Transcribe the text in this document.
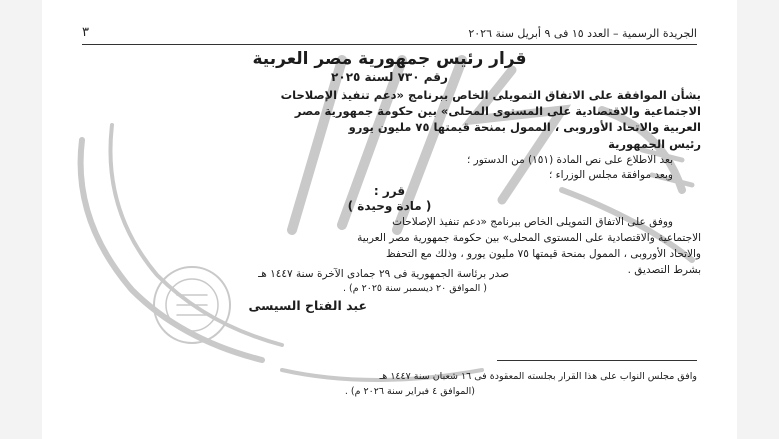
الجريدة الرسمية – العدد ١٥ فى ٩ أبريل سنة ٢٠٢٦
٣
قرار رئيس جمهورية مصر العربية
رقم ٧٣٠ لسنة ٢٠٢٥
بشأن الموافقة على الاتفاق التمويلى الخاص ببرنامج «دعم تنفيذ الإصلاحات
الاجتماعية والاقتصادية على المستوى المحلى» بين حكومة جمهورية مصر
العربية والاتحاد الأوروبى ، الممول بمنحة قيمتها ٧٥ مليون يورو
رئيس الجمهورية
بعد الاطلاع على نص المادة (١٥١) من الدستور ؛
وبعد موافقة مجلس الوزراء ؛
قرر :
( مادة وحيدة )
ووفق على الاتفاق التمويلى الخاص ببرنامج «دعم تنفيذ الإصلاحات
الاجتماعية والاقتصادية على المستوى المحلى» بين حكومة جمهورية مصر العربية
والاتحاد الأوروبى ، الممول بمنحة قيمتها ٧٥ مليون يورو ، وذلك مع التحفظ
بشرط التصديق .
صدر برئاسة الجمهورية فى ٢٩ جمادى الآخرة سنة ١٤٤٧ هـ
( الموافق ٢٠ ديسمبر سنة ٢٠٢٥ م) .
عبد الفتاح السيسى
وافق مجلس النواب على هذا القرار بجلسته المعقودة فى ١٦ شعبان سنة ١٤٤٧ هـ
(الموافق ٤ فبراير سنة ٢٠٢٦ م) .
